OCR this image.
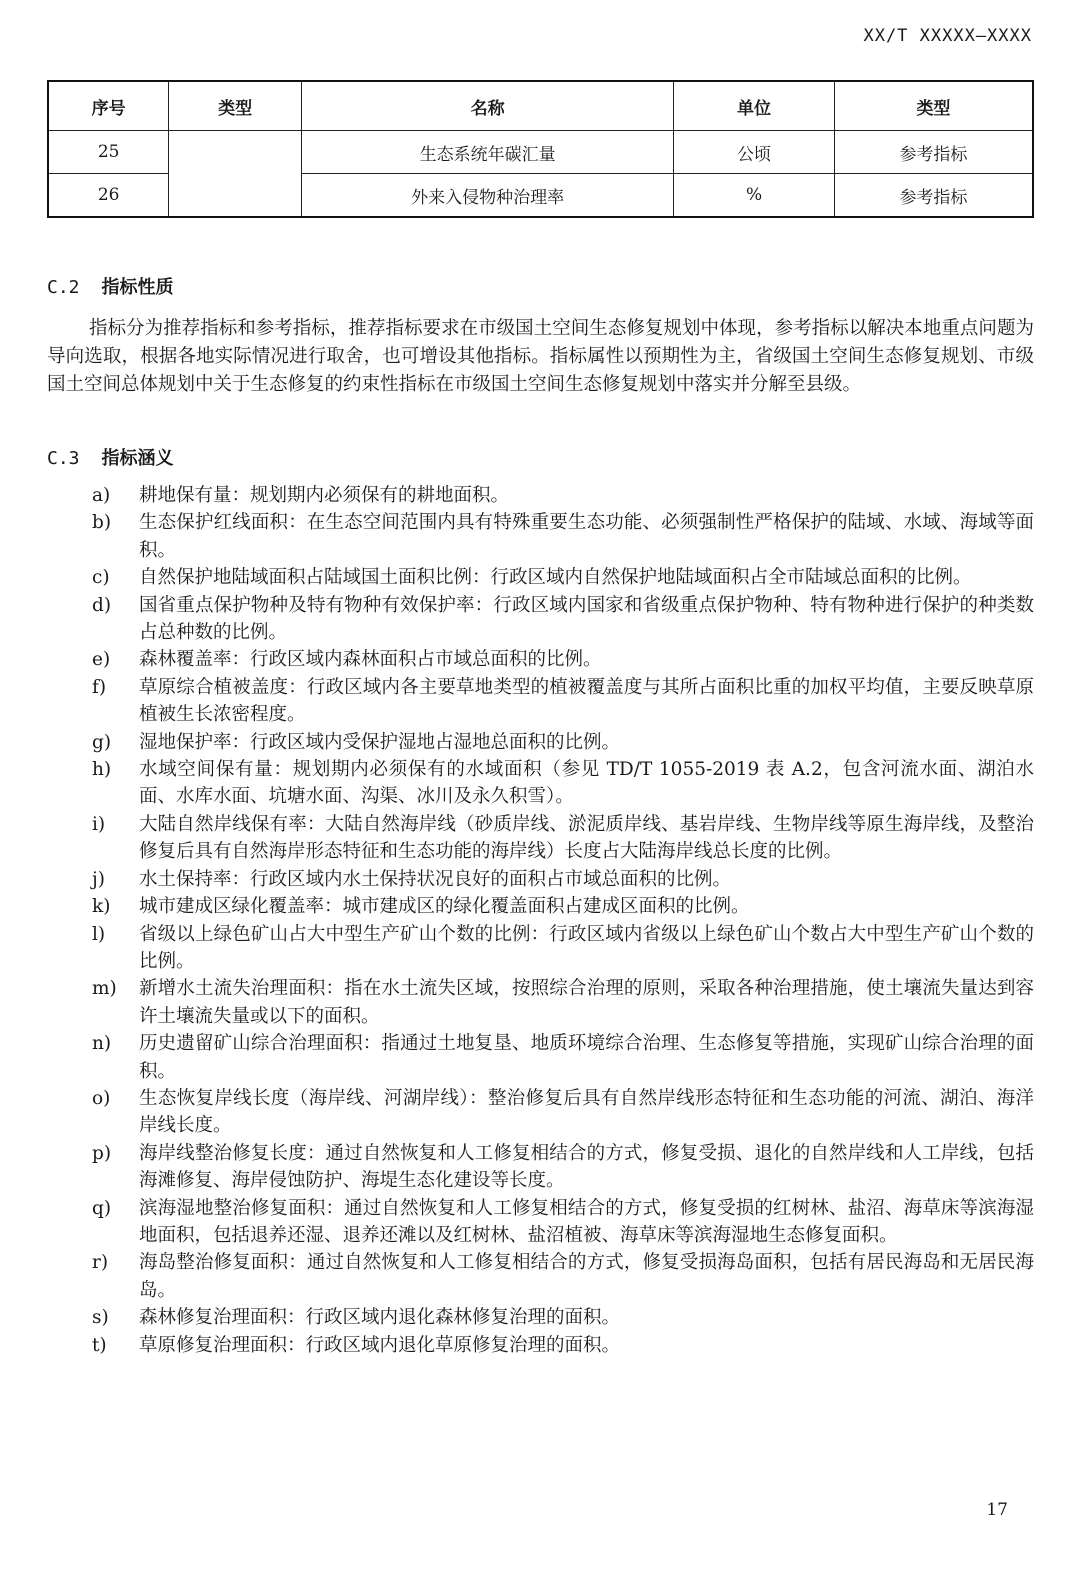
XX/T XXXXX—XXXX
序号	类型	名称	单位	类型
25		生态系统年碳汇量	公顷	参考指标
26		外来入侵物种治理率	%	参考指标
C.2 指标性质
指标分为推荐指标和参考指标，推荐指标要求在市级国土空间生态修复规划中体现，参考指标以解决本地重点问题为导向选取，根据各地实际情况进行取舍，也可增设其他指标。指标属性以预期性为主，省级国土空间生态修复规划、市级国土空间总体规划中关于生态修复的约束性指标在市级国土空间生态修复规划中落实并分解至县级。
C.3 指标涵义
a) 耕地保有量：规划期内必须保有的耕地面积。
b) 生态保护红线面积：在生态空间范围内具有特殊重要生态功能、必须强制性严格保护的陆域、水域、海域等面积。
c) 自然保护地陆域面积占陆域国土面积比例：行政区域内自然保护地陆域面积占全市陆域总面积的比例。
d) 国省重点保护物种及特有物种有效保护率：行政区域内国家和省级重点保护物种、特有物种进行保护的种类数占总种数的比例。
e) 森林覆盖率：行政区域内森林面积占市域总面积的比例。
f) 草原综合植被盖度：行政区域内各主要草地类型的植被覆盖度与其所占面积比重的加权平均值，主要反映草原植被生长浓密程度。
g) 湿地保护率：行政区域内受保护湿地占湿地总面积的比例。
h) 水域空间保有量：规划期内必须保有的水域面积（参见 TD/T 1055-2019 表 A.2，包含河流水面、湖泊水面、水库水面、坑塘水面、沟渠、冰川及永久积雪）。
i) 大陆自然岸线保有率：大陆自然海岸线（砂质岸线、淤泥质岸线、基岩岸线、生物岸线等原生海岸线，及整治修复后具有自然海岸形态特征和生态功能的海岸线）长度占大陆海岸线总长度的比例。
j) 水土保持率：行政区域内水土保持状况良好的面积占市域总面积的比例。
k) 城市建成区绿化覆盖率：城市建成区的绿化覆盖面积占建成区面积的比例。
l) 省级以上绿色矿山占大中型生产矿山个数的比例：行政区域内省级以上绿色矿山个数占大中型生产矿山个数的比例。
m) 新增水土流失治理面积：指在水土流失区域，按照综合治理的原则，采取各种治理措施，使土壤流失量达到容许土壤流失量或以下的面积。
n) 历史遗留矿山综合治理面积：指通过土地复垦、地质环境综合治理、生态修复等措施，实现矿山综合治理的面积。
o) 生态恢复岸线长度（海岸线、河湖岸线）：整治修复后具有自然岸线形态特征和生态功能的河流、湖泊、海洋岸线长度。
p) 海岸线整治修复长度：通过自然恢复和人工修复相结合的方式，修复受损、退化的自然岸线和人工岸线，包括海滩修复、海岸侵蚀防护、海堤生态化建设等长度。
q) 滨海湿地整治修复面积：通过自然恢复和人工修复相结合的方式，修复受损的红树林、盐沼、海草床等滨海湿地面积，包括退养还湿、退养还滩以及红树林、盐沼植被、海草床等滨海湿地生态修复面积。
r) 海岛整治修复面积：通过自然恢复和人工修复相结合的方式，修复受损海岛面积，包括有居民海岛和无居民海岛。
s) 森林修复治理面积：行政区域内退化森林修复治理的面积。
t) 草原修复治理面积：行政区域内退化草原修复治理的面积。
17
